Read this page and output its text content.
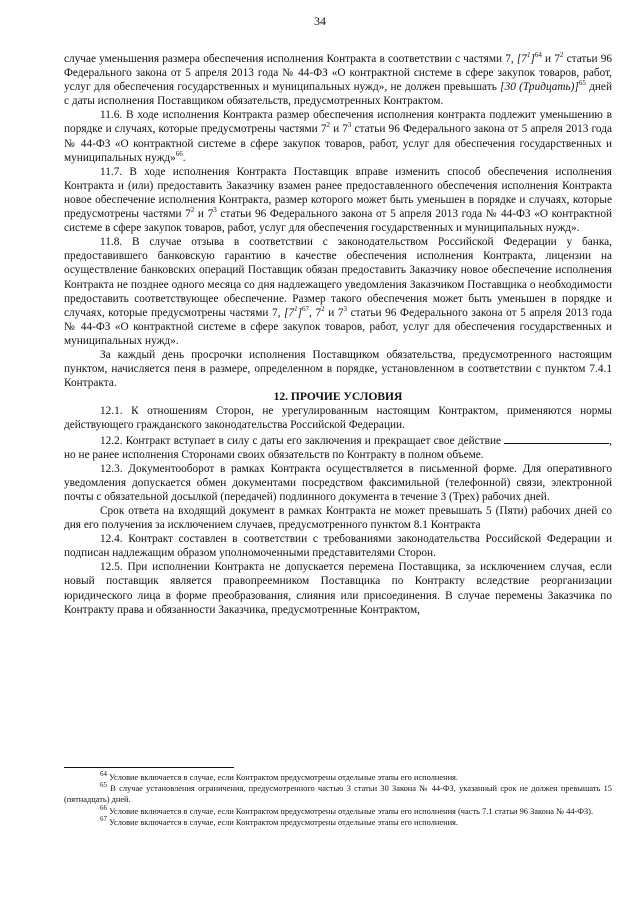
34

случае уменьшения размера обеспечения исполнения Контракта в соответствии с частями 7, $[7^1]^{64}$ и $7^2$ статьи 96 Федерального закона от 5 апреля 2013 года № 44-ФЗ «О контрактной системе в сфере закупок товаров, работ, услуг для обеспечения государственных и муниципальных нужд», не должен превышать [30 (Тридцать)]$^{65}$ дней с даты исполнения Поставщиком обязательств, предусмотренных Контрактом.

11.6. В ходе исполнения Контракта размер обеспечения исполнения контракта подлежит уменьшению в порядке и случаях, которые предусмотрены частями $7^2$ и $7^3$ статьи 96 Федерального закона от 5 апреля 2013 года № 44-ФЗ «О контрактной системе в сфере закупок товаров, работ, услуг для обеспечения государственных и муниципальных нужд»$^{66}$.

11.7. В ходе исполнения Контракта Поставщик вправе изменить способ обеспечения исполнения Контракта и (или) предоставить Заказчику взамен ранее предоставленного обеспечения исполнения Контракта новое обеспечение исполнения Контракта, размер которого может быть уменьшен в порядке и случаях, которые предусмотрены частями $7^2$ и $7^3$ статьи 96 Федерального закона от 5 апреля 2013 года № 44-ФЗ «О контрактной системе в сфере закупок товаров, работ, услуг для обеспечения государственных и муниципальных нужд».

11.8. В случае отзыва в соответствии с законодательством Российской Федерации у банка, предоставившего банковскую гарантию в качестве обеспечения исполнения Контракта, лицензии на осуществление банковских операций Поставщик обязан предоставить Заказчику новое обеспечение исполнения Контракта не позднее одного месяца со дня надлежащего уведомления Заказчиком Поставщика о необходимости предоставить соответствующее обеспечение. Размер такого обеспечения может быть уменьшен в порядке и случаях, которые предусмотрены частями 7, $[7^1]^{67}$, $7^2$ и $7^3$ статьи 96 Федерального закона от 5 апреля 2013 года № 44-ФЗ «О контрактной системе в сфере закупок товаров, работ, услуг для обеспечения государственных и муниципальных нужд».

За каждый день просрочки исполнения Поставщиком обязательства, предусмотренного настоящим пунктом, начисляется пеня в размере, определенном в порядке, установленном в соответствии с пунктом 7.4.1 Контракта.

12. ПРОЧИЕ УСЛОВИЯ

12.1. К отношениям Сторон, не урегулированным настоящим Контрактом, применяются нормы действующего гражданского законодательства Российской Федерации.

12.2. Контракт вступает в силу с даты его заключения и прекращает свое действие	, но не ранее исполнения Сторонами своих обязательств по Контракту в полном объеме.

12.3. Документооборот в рамках Контракта осуществляется в письменной форме. Для оперативного уведомления допускается обмен документами посредством факсимильной (телефонной) связи, электронной почты с обязательной досылкой (передачей) подлинного документа в течение 3 (Трех) рабочих дней.

Срок ответа на входящий документ в рамках Контракта не может превышать 5 (Пяти) рабочих дней со дня его получения за исключением случаев, предусмотренного пунктом 8.1 Контракта

12.4. Контракт составлен в соответствии с требованиями законодательства Российской Федерации и подписан надлежащим образом уполномоченными представителями Сторон.

12.5. При исполнении Контракта не допускается перемена Поставщика, за исключением случая, если новый поставщик является правопреемником Поставщика по Контракту вследствие реорганизации юридического лица в форме преобразования, слияния или присоединения. В случае перемены Заказчика по Контракту права и обязанности Заказчика, предусмотренные Контрактом,

$^{64}$ Условие включается в случае, если Контрактом предусмотрены отдельные этапы его исполнения.

$^{65}$ В случае установления ограничения, предусмотренного частью 3 статьи 30 Закона № 44-ФЗ, указанный срок не должен превышать 15 (пятнадцать) дней.

$^{66}$ Условие включается в случае, если Контрактом предусмотрены отдельные этапы его исполнения (часть 7.1 статьи 96 Закона № 44-ФЗ).

$^{67}$ Условие включается в случае, если Контрактом предусмотрены отдельные этапы его исполнения.
